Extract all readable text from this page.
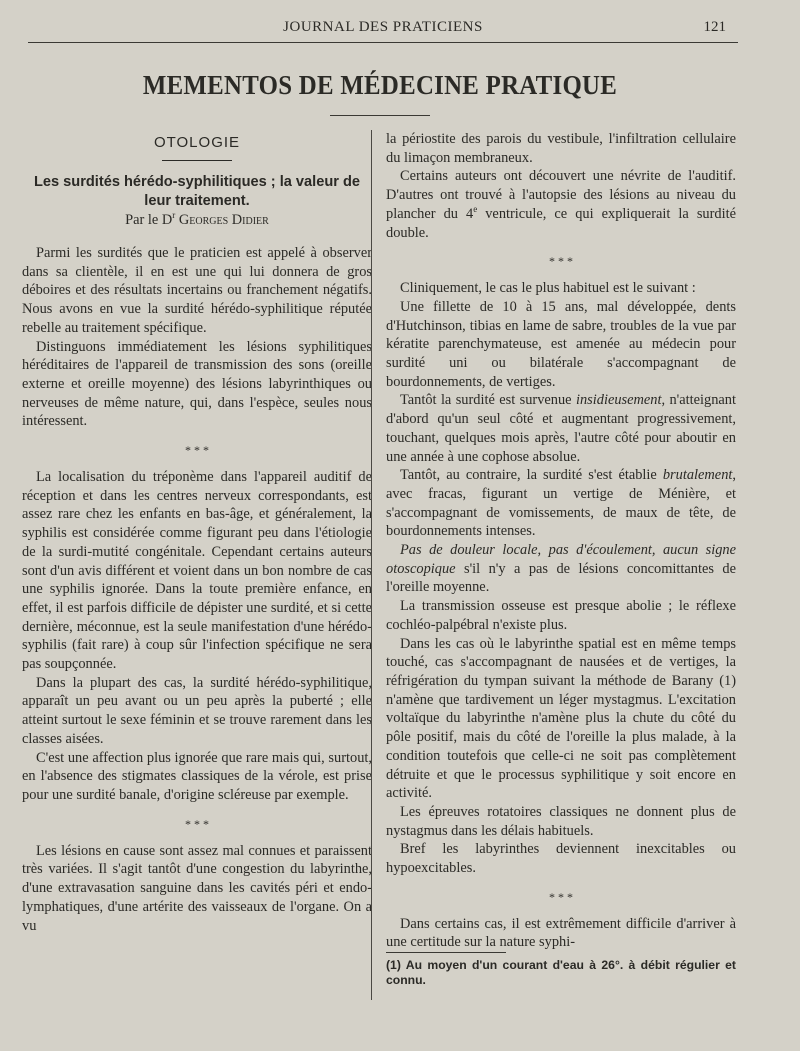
JOURNAL DES PRATICIENS	121
MEMENTOS DE MÉDECINE PRATIQUE
OTOLOGIE
Les surdités hérédo-syphilitiques ; la valeur de leur traitement.
Par le $D^r$ Georges Didier

Parmi les surdités que le praticien est appelé à observer dans sa clientèle, il en est une qui lui donnera de gros déboires et des résultats incertains ou franchement négatifs. Nous avons en vue la surdité hérédo-syphilitique réputée rebelle au traitement spécifique.

Distinguons immédiatement les lésions syphilitiques héréditaires de l'appareil de transmission des sons (oreille externe et oreille moyenne) des lésions labyrinthiques ou nerveuses de même nature, qui, dans l'espèce, seules nous intéressent.

* * *

La localisation du tréponème dans l'appareil auditif de réception et dans les centres nerveux correspondants, est assez rare chez les enfants en bas-âge, et généralement, la syphilis est considérée comme figurant peu dans l'étiologie de la surdi-mutité congénitale. Cependant certains auteurs sont d'un avis différent et voient dans un bon nombre de cas une syphilis ignorée. Dans la toute première enfance, en effet, il est parfois difficile de dépister une surdité, et si cette dernière, méconnue, est la seule manifestation d'une hérédo-syphilis (fait rare) à coup sûr l'infection spécifique ne sera pas soupçonnée.

Dans la plupart des cas, la surdité hérédo-syphilitique, apparaît un peu avant ou un peu après la puberté ; elle atteint surtout le sexe féminin et se trouve rarement dans les classes aisées.

C'est une affection plus ignorée que rare mais qui, surtout, en l'absence des stigmates classiques de la vérole, est prise pour une surdité banale, d'origine scléreuse par exemple.

* * *

Les lésions en cause sont assez mal connues et paraissent très variées. Il s'agit tantôt d'une congestion du labyrinthe, d'une extravasation sanguine dans les cavités péri et endo-lymphatiques, d'une artérite des vaisseaux de l'organe. On a vu

la périostite des parois du vestibule, l'infiltration cellulaire du limaçon membraneux.

Certains auteurs ont découvert une névrite de l'auditif. D'autres ont trouvé à l'autopsie des lésions au niveau du plancher du 4e ventricule, ce qui expliquerait la surdité double.

* * *

Cliniquement, le cas le plus habituel est le suivant :

Une fillette de 10 à 15 ans, mal développée, dents d'Hutchinson, tibias en lame de sabre, troubles de la vue par kératite parenchymateuse, est amenée au médecin pour surdité uni ou bilatérale s'accompagnant de bourdonnements, de vertiges.

Tantôt la surdité est survenue insidieusement, n'atteignant d'abord qu'un seul côté et augmentant progressivement, touchant, quelques mois après, l'autre côté pour aboutir en une année à une cophose absolue.

Tantôt, au contraire, la surdité s'est établie brutalement, avec fracas, figurant un vertige de Ménière, et s'accompagnant de vomissements, de maux de tête, de bourdonnements intenses.

Pas de douleur locale, pas d'écoulement, aucun signe otoscopique s'il n'y a pas de lésions concomittantes de l'oreille moyenne.

La transmission osseuse est presque abolie ; le réflexe cochléo-palpébral n'existe plus.

Dans les cas où le labyrinthe spatial est en même temps touché, cas s'accompagnant de nausées et de vertiges, la réfrigération du tympan suivant la méthode de Barany (1) n'amène que tardivement un léger mystagmus. L'excitation voltaïque du labyrinthe n'amène plus la chute du côté du pôle positif, mais du côté de l'oreille la plus malade, à la condition toutefois que celle-ci ne soit pas complètement détruite et que le processus syphilitique y soit encore en activité.

Les épreuves rotatoires classiques ne donnent plus de nystagmus dans les délais habituels.

Bref les labyrinthes deviennent inexcitables ou hypoexcitables.

* * *

Dans certains cas, il est extrêmement difficile d'arriver à une certitude sur la nature syphi-

(1) Au moyen d'un courant d'eau à 26°. à débit régulier et connu.
